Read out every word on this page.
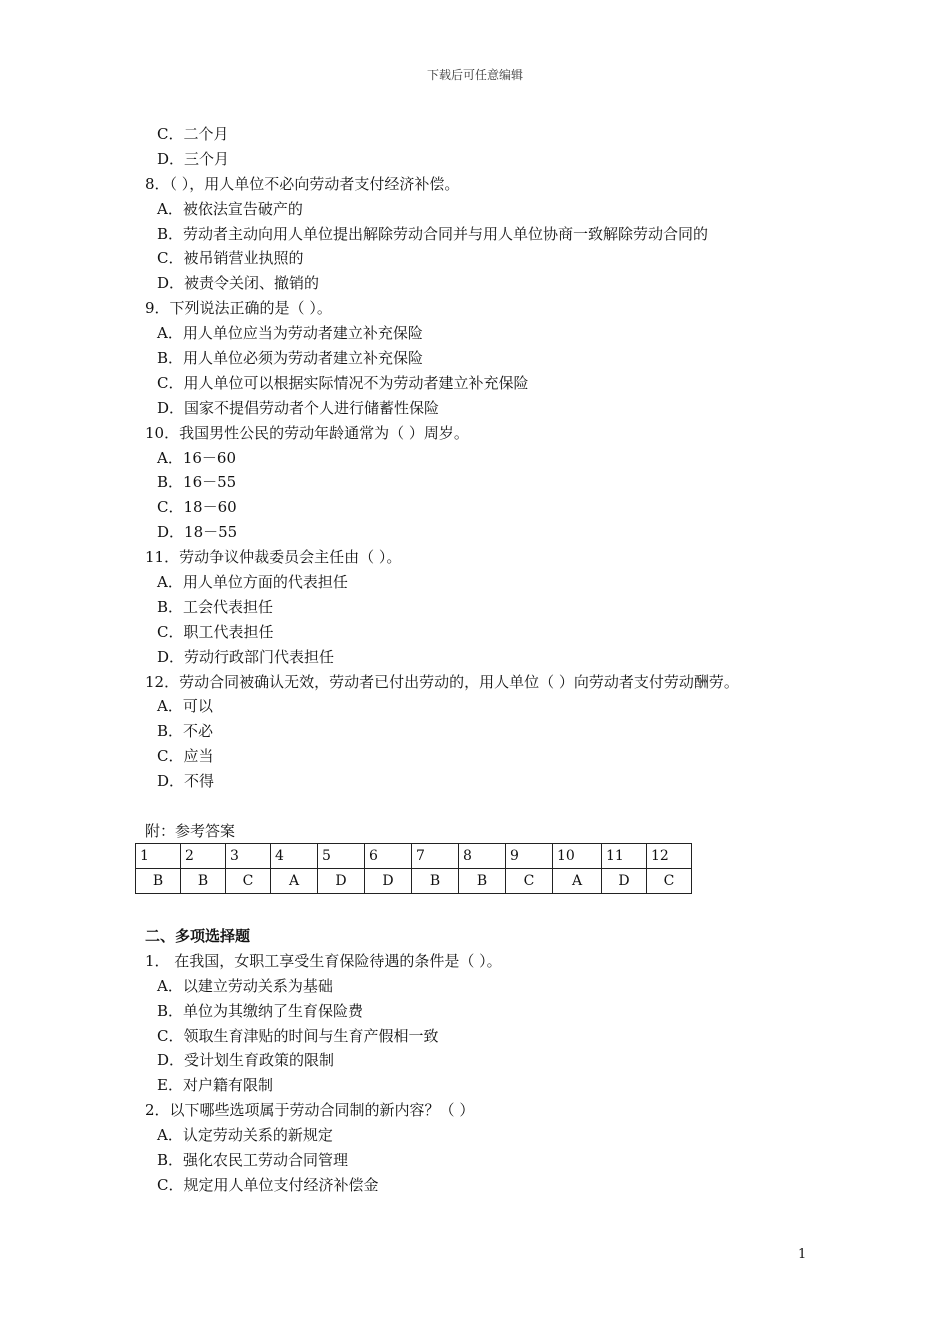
下载后可任意编辑
C．二个月
D．三个月
8．（ ），用人单位不必向劳动者支付经济补偿。
A．被依法宣告破产的
B．劳动者主动向用人单位提出解除劳动合同并与用人单位协商一致解除劳动合同的
C．被吊销营业执照的
D．被责令关闭、撤销的
9．下列说法正确的是（ ）。
A．用人单位应当为劳动者建立补充保险
B．用人单位必须为劳动者建立补充保险
C．用人单位可以根据实际情况不为劳动者建立补充保险
D．国家不提倡劳动者个人进行储蓄性保险
10．我国男性公民的劳动年龄通常为（ ）周岁。
A．16－60
B．16－55
C．18－60
D．18－55
11．劳动争议仲裁委员会主任由（ ）。
A．用人单位方面的代表担任
B．工会代表担任
C．职工代表担任
D．劳动行政部门代表担任
12．劳动合同被确认无效，劳动者已付出劳动的，用人单位（ ）向劳动者支付劳动酬劳。
A．可以
B．不必
C．应当
D．不得
附：参考答案
1	2	3	4	5	6	7	8	9	10	11	12
B	B	C	A	D	D	B	B	C	A	D	C
二、多项选择题
1． 在我国，女职工享受生育保险待遇的条件是（ ）。
A．以建立劳动关系为基础
B．单位为其缴纳了生育保险费
C．领取生育津贴的时间与生育产假相一致
D．受计划生育政策的限制
E．对户籍有限制
2．以下哪些选项属于劳动合同制的新内容？（ ）
A．认定劳动关系的新规定
B．强化农民工劳动合同管理
C．规定用人单位支付经济补偿金
1
